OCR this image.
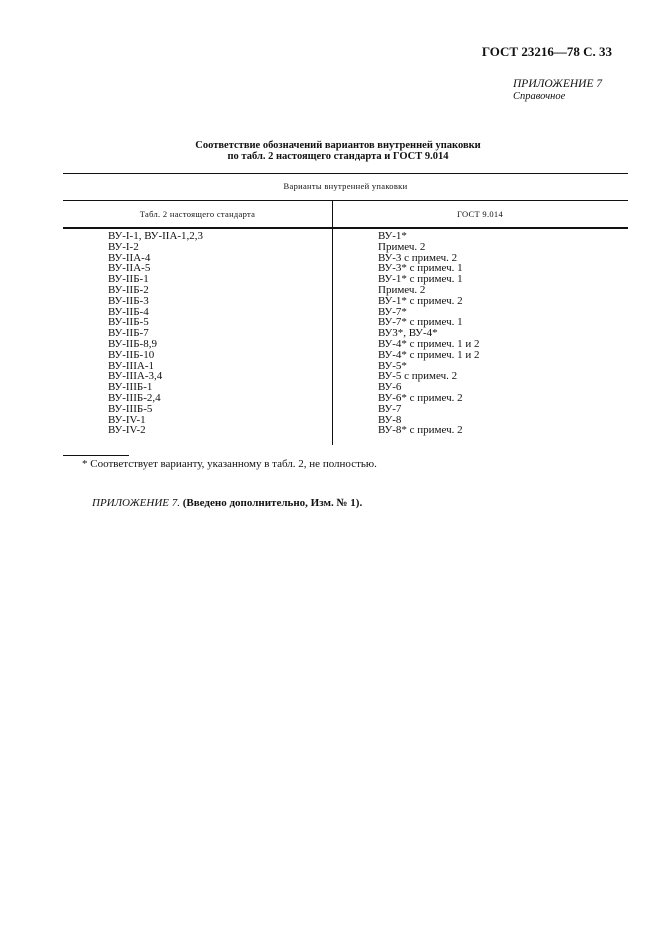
ГОСТ 23216—78 С. 33
ПРИЛОЖЕНИЕ 7
Справочное
Соответствие обозначений вариантов внутренней упаковки
по табл. 2 настоящего стандарта и ГОСТ 9.014
Варианты внутренней упаковки
Табл. 2 настоящего стандарта	ГОСТ 9.014
ВУ-I-1, ВУ-IIА-1,2,3
ВУ-I-2
ВУ-IIА-4
ВУ-IIА-5
ВУ-IIБ-1
ВУ-IIБ-2
ВУ-IIБ-3
ВУ-IIБ-4
ВУ-IIБ-5
ВУ-IIБ-7
ВУ-IIБ-8,9
ВУ-IIБ-10
ВУ-IIIА-1
ВУ-IIIА-3,4
ВУ-IIIБ-1
ВУ-IIIБ-2,4
ВУ-IIIБ-5
ВУ-IV-1
ВУ-IV-2
ВУ-1*
Примеч. 2
ВУ-3 с примеч. 2
ВУ-3* с примеч. 1
ВУ-1* с примеч. 1
Примеч. 2
ВУ-1* с примеч. 2
ВУ-7*
ВУ-7* с примеч. 1
ВУ3*, ВУ-4*
ВУ-4* с примеч. 1 и 2
ВУ-4* с примеч. 1 и 2
ВУ-5*
ВУ-5 с примеч. 2
ВУ-6
ВУ-6* с примеч. 2
ВУ-7
ВУ-8
ВУ-8* с примеч. 2
* Соответствует варианту, указанному в табл. 2, не полностью.
ПРИЛОЖЕНИЕ 7. (Введено дополнительно, Изм. № 1).
